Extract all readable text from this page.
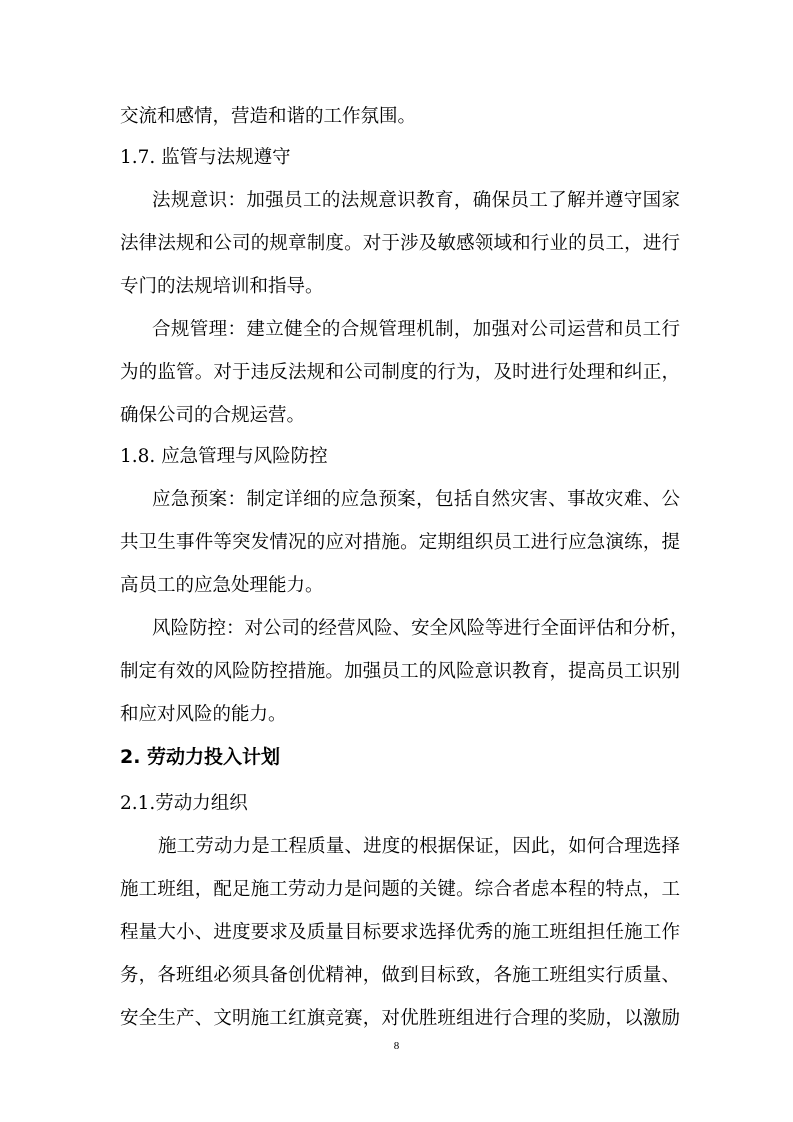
交流和感情，营造和谐的工作氛围。
1.7. 监管与法规遵守
法规意识：加强员工的法规意识教育，确保员工了解并遵守国家
法律法规和公司的规章制度。对于涉及敏感领域和行业的员工，进行
专门的法规培训和指导。
合规管理：建立健全的合规管理机制，加强对公司运营和员工行
为的监管。对于违反法规和公司制度的行为，及时进行处理和纠正，
确保公司的合规运营。
1.8. 应急管理与风险防控
应急预案：制定详细的应急预案，包括自然灾害、事故灾难、公
共卫生事件等突发情况的应对措施。定期组织员工进行应急演练，提
高员工的应急处理能力。
风险防控：对公司的经营风险、安全风险等进行全面评估和分析，
制定有效的风险防控措施。加强员工的风险意识教育，提高员工识别
和应对风险的能力。
2. 劳动力投入计划
2.1.劳动力组织
施工劳动力是工程质量、进度的根据保证，因此，如何合理选择
施工班组，配足施工劳动力是问题的关键。综合者虑本程的特点，工
程量大小、进度要求及质量目标要求选择优秀的施工班组担任施工作
务，各班组必须具备创优精神，做到目标致，各施工班组实行质量、
安全生产、文明施工红旗竞赛，对优胜班组进行合理的奖励，以激励
8
